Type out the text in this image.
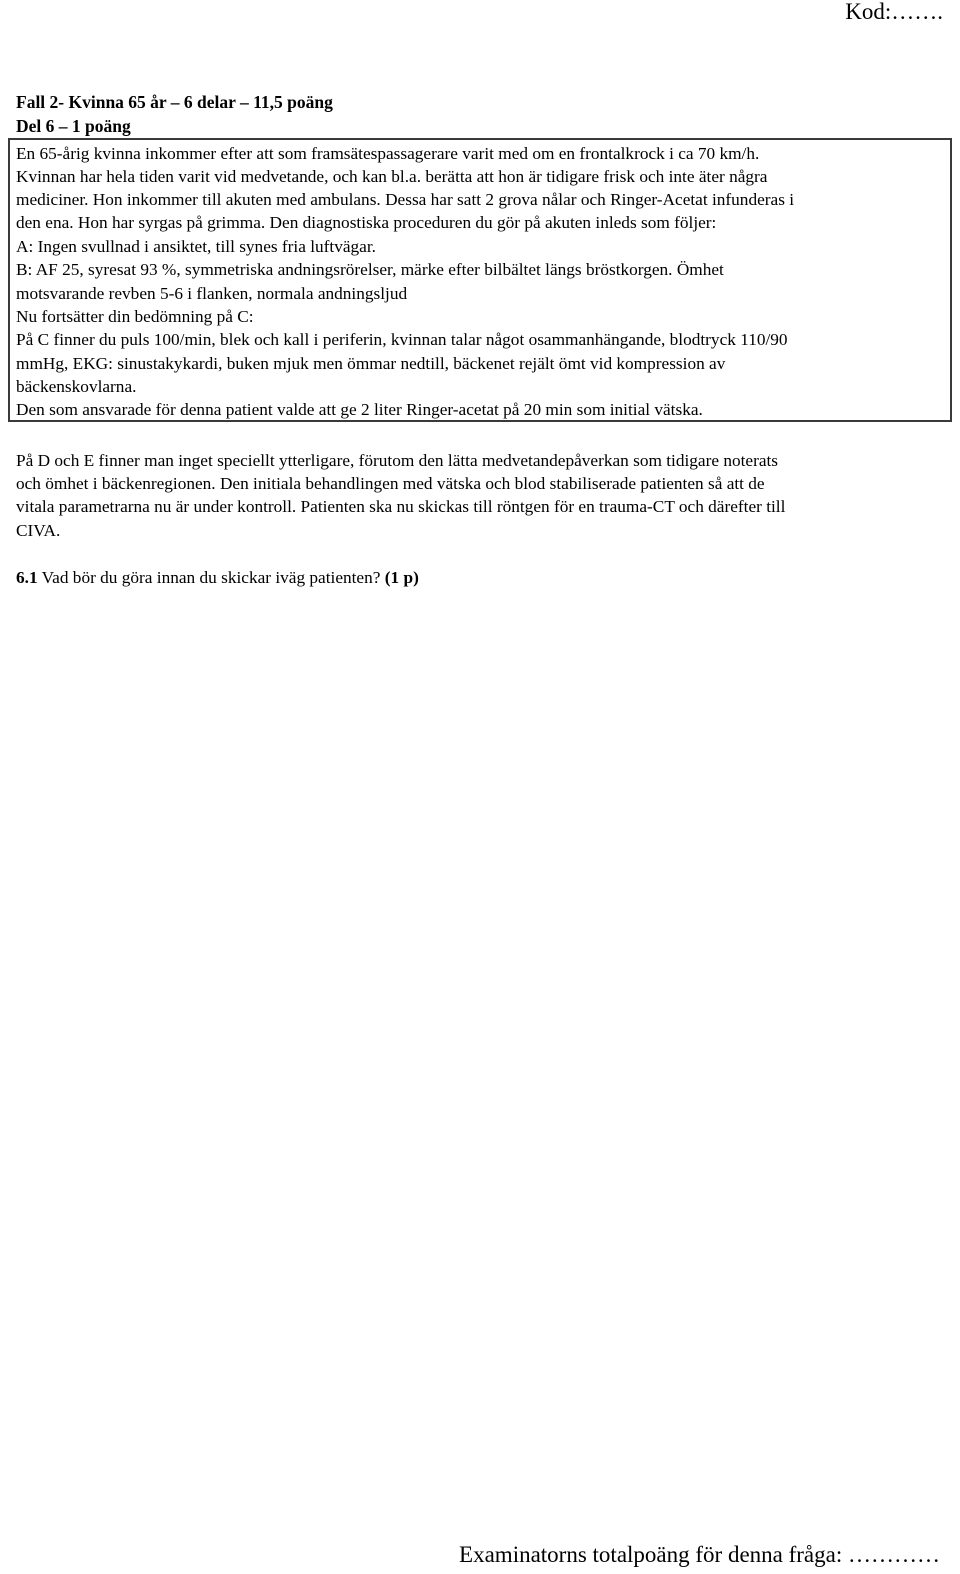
Kod:…….
Fall 2- Kvinna 65 år – 6 delar – 11,5 poäng
Del 6 – 1 poäng
En 65-årig kvinna inkommer efter att som framsätespassagerare varit med om en frontalkrock i ca 70 km/h.
Kvinnan har hela tiden varit vid medvetande, och kan bl.a. berätta att hon är tidigare frisk och inte äter några
mediciner. Hon inkommer till akuten med ambulans. Dessa har satt 2 grova nålar och Ringer-Acetat infunderas i
den ena. Hon har syrgas på grimma. Den diagnostiska proceduren du gör på akuten inleds som följer:
A: Ingen svullnad i ansiktet, till synes fria luftvägar.
B: AF 25, syresat 93 %, symmetriska andningsrörelser, märke efter bilbältet längs bröstkorgen. Ömhet
motsvarande revben 5-6 i flanken, normala andningsljud
Nu fortsätter din bedömning på C:
På C finner du puls 100/min, blek och kall i periferin, kvinnan talar något osammanhängande, blodtryck 110/90
mmHg, EKG: sinustakykardi, buken mjuk men ömmar nedtill, bäckenet rejält ömt vid kompression av
bäckenskovlarna.
Den som ansvarade för denna patient valde att ge 2 liter Ringer-acetat på 20 min som initial vätska.
På D och E finner man inget speciellt ytterligare, förutom den lätta medvetandepåverkan som tidigare noterats
och ömhet i bäckenregionen. Den initiala behandlingen med vätska och blod stabiliserade patienten så att de
vitala parametrarna nu är under kontroll. Patienten ska nu skickas till röntgen för en trauma-CT och därefter till
CIVA.
6.1 Vad bör du göra innan du skickar iväg patienten? (1 p)
Examinatorns totalpoäng för denna fråga: …………
